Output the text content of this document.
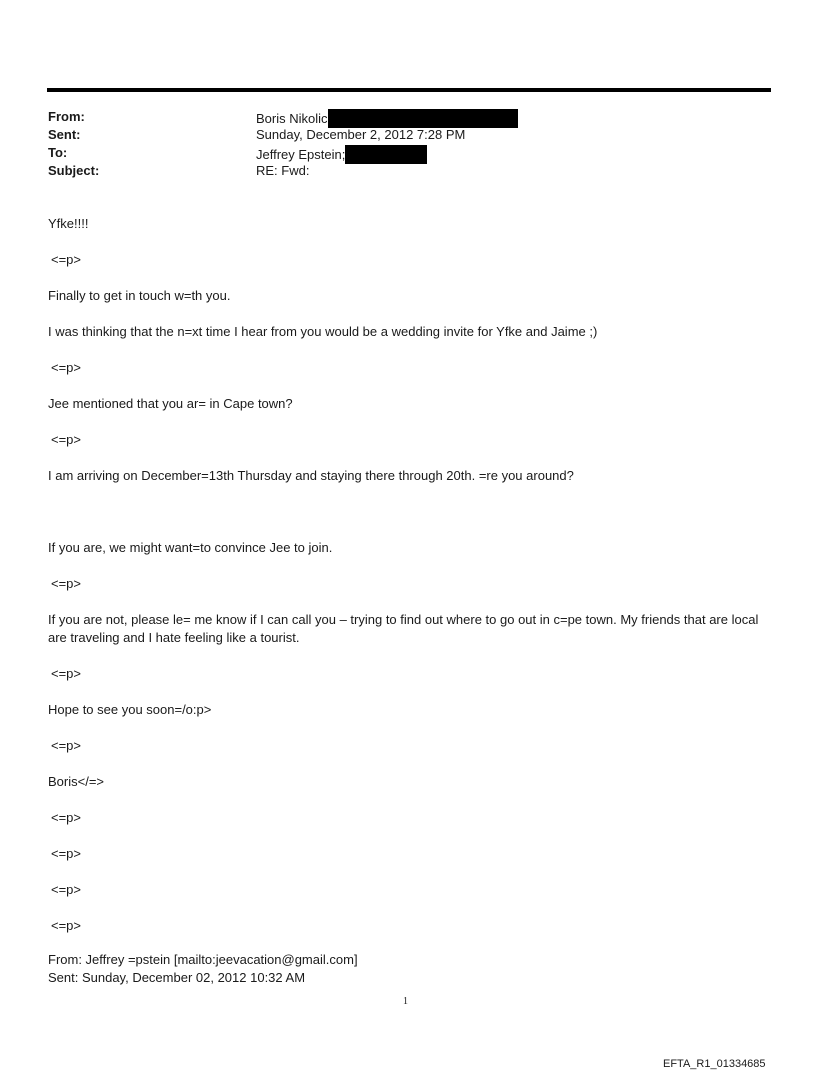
From:
Sent:
To:
Subject:
Boris Nikolic
Sunday, December 2, 2012 7:28 PM
Jeffrey Epstein;
RE: Fwd:
Yfke!!!!
<=p>
Finally to get in touch w=th you.
I was thinking that the n=xt time I hear from you would be a wedding invite for Yfke and Jaime ;)
<=p>
Jee mentioned that you ar= in Cape town?
<=p>
I am arriving on December=13th Thursday and staying there through 20th. =re you around?
If you are, we might want=to convince Jee to join.
<=p>
If you are not, please le= me know if I can call you – trying to find out where to go out in c=pe town. My friends that are local are traveling and I hate feeling like a tourist.
<=p>
Hope to see you soon=/o:p>
<=p>
Boris</=>
<=p>
<=p>
<=p>
<=p>
From: Jeffrey =pstein [mailto:jeevacation@gmail.com]
Sent: Sunday, December 02, 2012 10:32 AM
1
EFTA_R1_01334685
